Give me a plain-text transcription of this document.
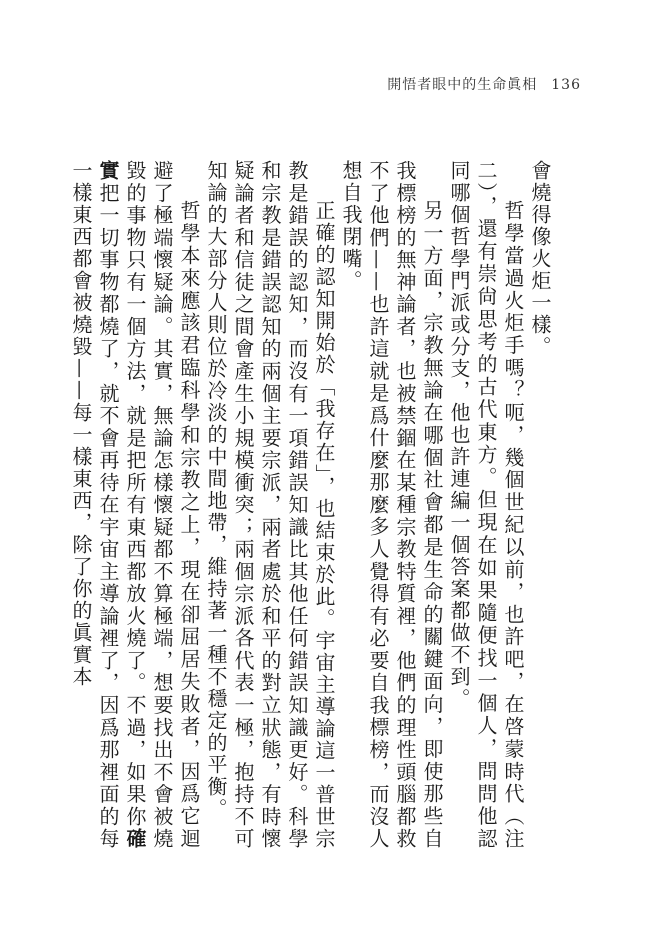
開悟者眼中的生命眞相 136

會燒得像火炬一樣。

哲學當過火炬手嗎？呃，幾個世紀以前，也許吧，在啓蒙時代（注二），還有崇尙思考的古代東方。但現在如果隨便找一個人，問問他認同哪個哲學門派或分支，他也許連編一個答案都做不到。

另一方面，宗教無論在哪個社會都是生命的關鍵面向，即使那些自我標榜的無神論者，也被禁錮在某種宗教特質裡，他們的理性頭腦都救不了他們——也許這就是爲什麼那麼多人覺得有必要自我標榜，而沒人想自我閉嘴。

正確的認知開始於「我存在」，也結束於此。宇宙主導論這一普世宗教是錯誤的認知，而沒有一項錯誤知識比其他任何錯誤知識更好。科學和宗教是錯誤認知的兩個主要宗派，兩者處於和平的對立狀態，有時懷疑論者和信徒之間會產生小規模衝突；兩個宗派各代表一極，抱持不可知論的大部分人則位於冷淡的中間地帶，維持著一種不穩定的平衡。

哲學本來應該君臨科學和宗教之上，現在卻屈居失敗者，因爲它迴避了極端懷疑論。其實，無論怎樣懷疑都不算極端，想要找出不會被燒毀的事物只有一個方法，就是把所有東西都放火燒了。不過，如果你確實把一切事物都燒了，就不會再待在宇宙主導論裡了，因爲那裡面的每一樣東西都會被燒毀——每一樣東西，除了你的眞實本
